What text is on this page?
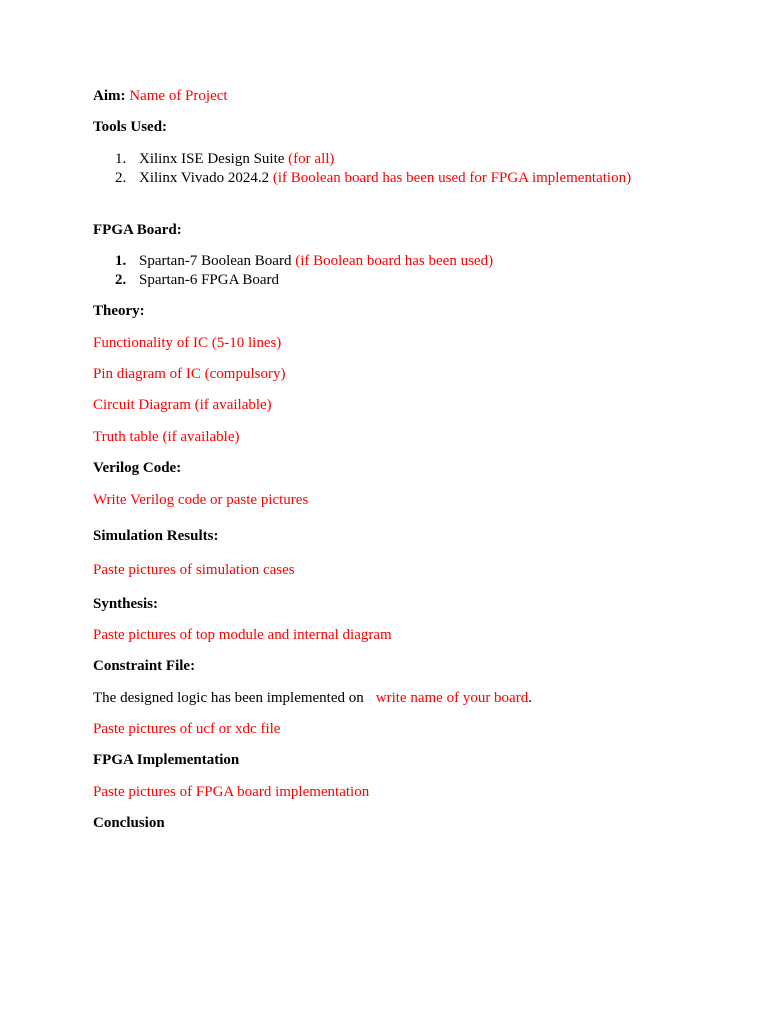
Aim: Name of Project
Tools Used:
1. Xilinx ISE Design Suite (for all)
2. Xilinx Vivado 2024.2 (if Boolean board has been used for FPGA implementation)
FPGA Board:
1. Spartan-7 Boolean Board (if Boolean board has been used)
2. Spartan-6 FPGA Board
Theory:
Functionality of IC (5-10 lines)
Pin diagram of IC (compulsory)
Circuit Diagram (if available)
Truth table (if available)
Verilog Code:
Write Verilog code or paste pictures
Simulation Results:
Paste pictures of simulation cases
Synthesis:
Paste pictures of top module and internal diagram
Constraint File:
The designed logic has been implemented on write name of your board.
Paste pictures of ucf or xdc file
FPGA Implementation
Paste pictures of FPGA board implementation
Conclusion
